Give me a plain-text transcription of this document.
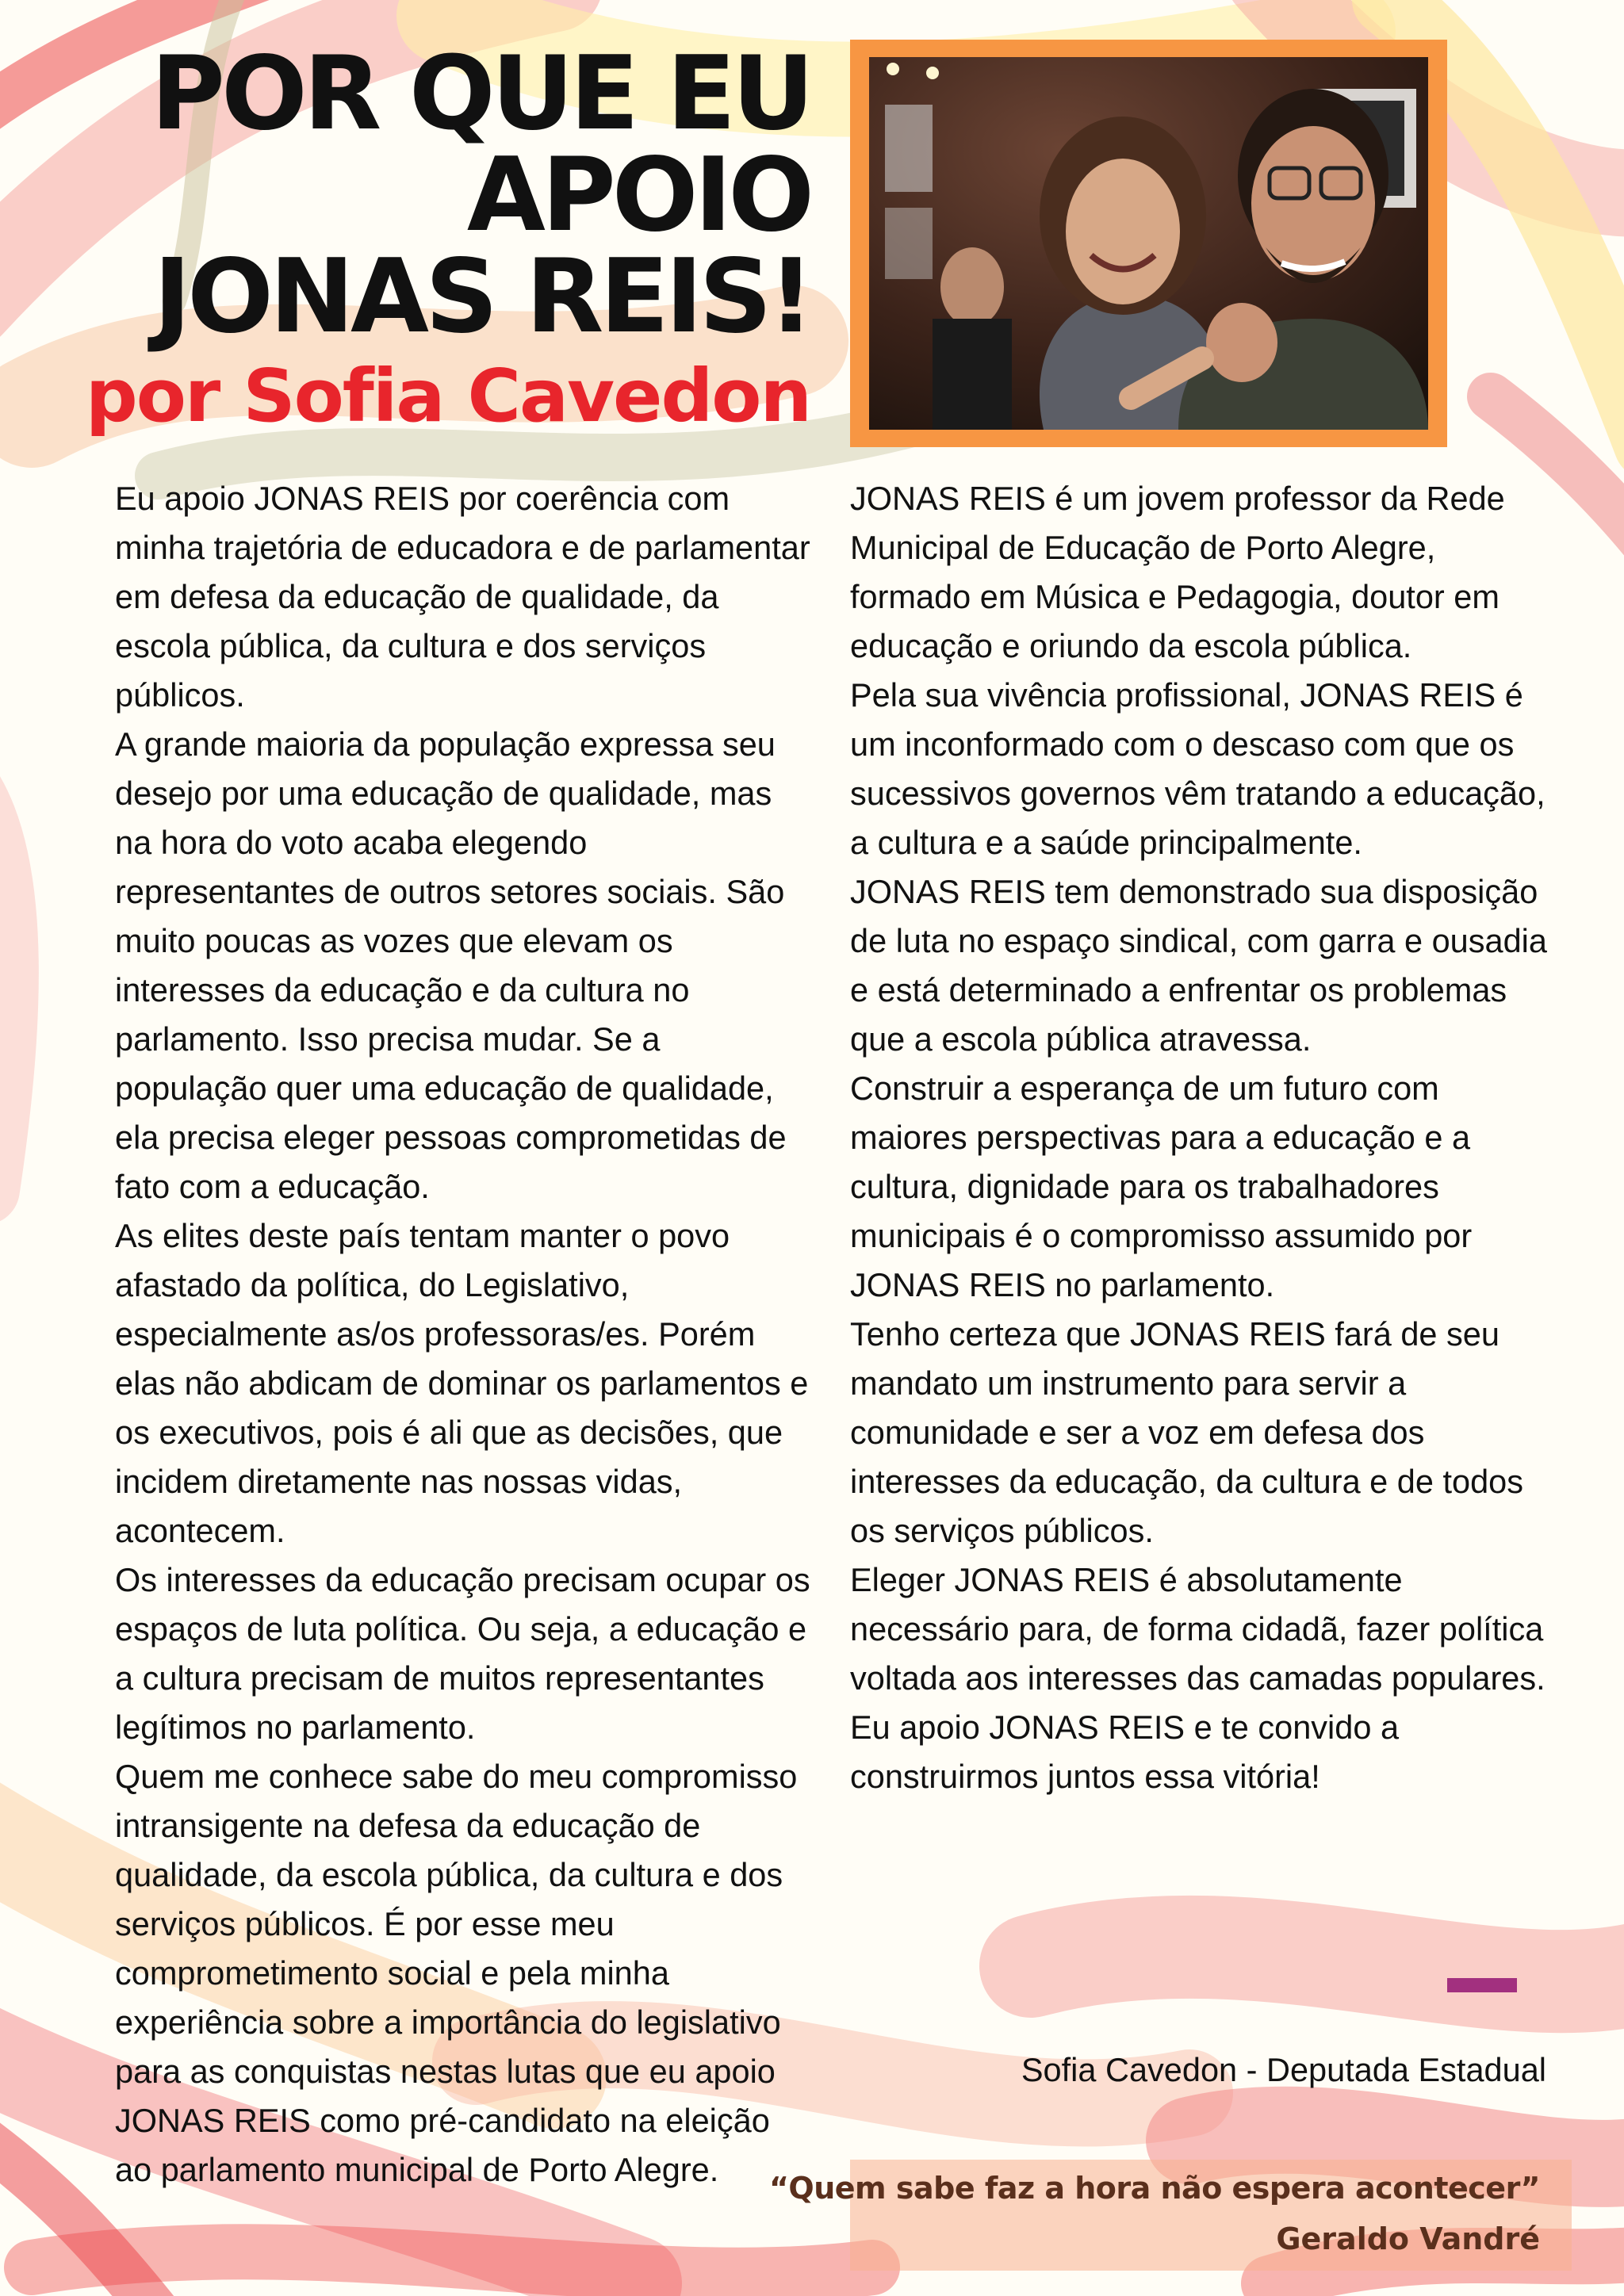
POR QUE EU
APOIO
JONAS REIS!
por Sofia Cavedon

Eu apoio JONAS REIS por coerência com minha trajetória de educadora e de parlamentar em defesa da educação de qualidade, da escola pública, da cultura e dos serviços públicos.

A grande maioria da população expressa seu desejo por uma educação de qualidade, mas na hora do voto acaba elegendo representantes de outros setores sociais. São muito poucas as vozes que elevam os interesses da educação e da cultura no parlamento. Isso precisa mudar. Se a população quer uma educação de qualidade, ela precisa eleger pessoas comprometidas de fato com a educação.

As elites deste país tentam manter o povo afastado da política, do Legislativo, especialmente as/os professoras/es. Porém elas não abdicam de dominar os parlamentos e os executivos, pois é ali que as decisões, que incidem diretamente nas nossas vidas, acontecem.

Os interesses da educação precisam ocupar os espaços de luta política. Ou seja, a educação e a cultura precisam de muitos representantes legítimos no parlamento.

Quem me conhece sabe do meu compromisso intransigente na defesa da educação de qualidade, da escola pública, da cultura e dos serviços públicos. É por esse meu comprometimento social e pela minha experiência sobre a importância do legislativo para as conquistas nestas lutas que eu apoio JONAS REIS como pré-candidato na eleição ao parlamento municipal de Porto Alegre.

JONAS REIS é um jovem professor da Rede Municipal de Educação de Porto Alegre, formado em Música e Pedagogia, doutor em educação e oriundo da escola pública.

Pela sua vivência profissional, JONAS REIS é um inconformado com o descaso com que os sucessivos governos vêm tratando a educação, a cultura e a saúde principalmente.

JONAS REIS tem demonstrado sua disposição de luta no espaço sindical, com garra e ousadia e está determinado a enfrentar os problemas que a escola pública atravessa.

Construir a esperança de um futuro com maiores perspectivas para a educação e a cultura, dignidade para os trabalhadores municipais é o compromisso assumido por JONAS REIS no parlamento.

Tenho certeza que JONAS REIS fará de seu mandato um instrumento para servir a comunidade e ser a voz em defesa dos interesses da educação, da cultura e de todos os serviços públicos.

Eleger JONAS REIS é absolutamente necessário para, de forma cidadã, fazer política voltada aos interesses das camadas populares.

Eu apoio JONAS REIS e te convido a construirmos juntos essa vitória!

Sofia Cavedon - Deputada Estadual
“Quem sabe faz a hora não espera acontecer”
Geraldo Vandré
